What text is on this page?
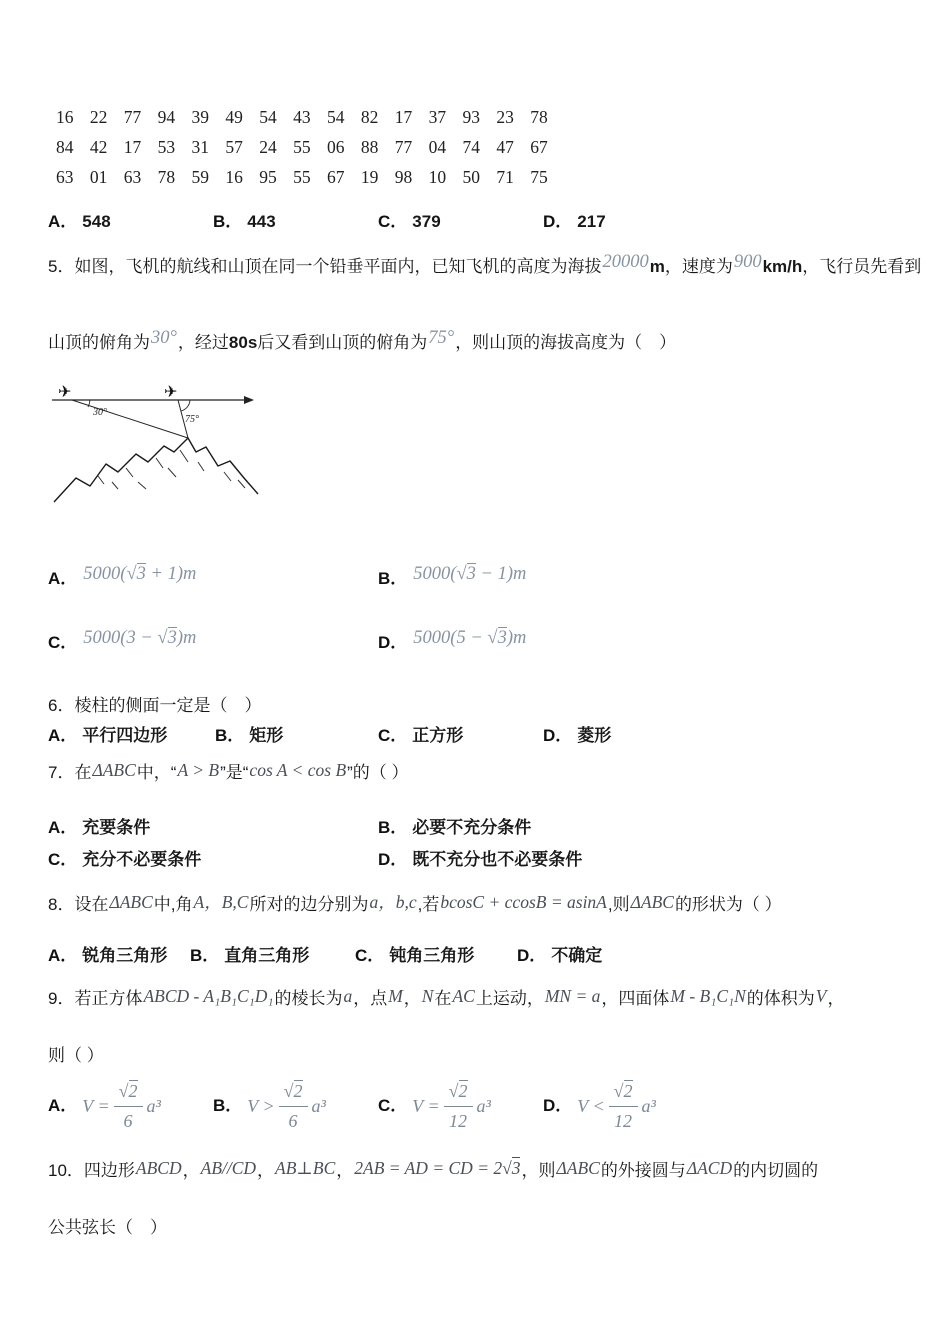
16 22 77 94 39 49 54 43 54 82 17 37 93 23 78
84 42 17 53 31 57 24 55 06 88 77 04 74 47 67
63 01 63 78 59 16 95 55 67 19 98 10 50 71 75
A． 548	B． 443	C． 379	D． 217
5．如图，飞机的航线和山顶在同一个铅垂平面内，已知飞机的高度为海拔20000m，速度为900km/h，飞行员先看到
山顶的俯角为30°，经过80s后又看到山顶的俯角为75°，则山顶的海拔高度为（　）
✈	✈
30°
75°
A． 5000(√3 + 1)m	B． 5000(√3 − 1)m
C． 5000(3 − √3)m	D． 5000(5 − √3)m
6．棱柱的侧面一定是（　）
A． 平行四边形	B． 矩形	C． 正方形	D． 菱形
7．在ΔABC中，“A > B”是“cos A < cos B”的（ ）
A． 充要条件	B． 必要不充分条件
C． 充分不必要条件	D． 既不充分也不必要条件
8．设在ΔABC中,角A，B,C所对的边分别为a，b,c,若bcosC + ccosB = asinA,则ΔABC的形状为（ ）
A． 锐角三角形 B． 直角三角形	C． 钝角三角形	D． 不确定
9．若正方体ABCD - A₁B₁C₁D₁的棱长为a，点M，N在AC上运动，MN = a，四面体M - B₁C₁N的体积为V，
则（ ）
A． $V = \frac{√2}{6} a^3$	B． $V > \frac{√2}{6} a^3$	C． $V = \frac{√2}{12} a^3$	D． $V < \frac{√2}{12} a^3$
10．四边形ABCD，AB//CD，AB⊥BC，2AB = AD = CD = 2√3，则ΔABC的外接圆与ΔACD的内切圆的
公共弦长（　）
